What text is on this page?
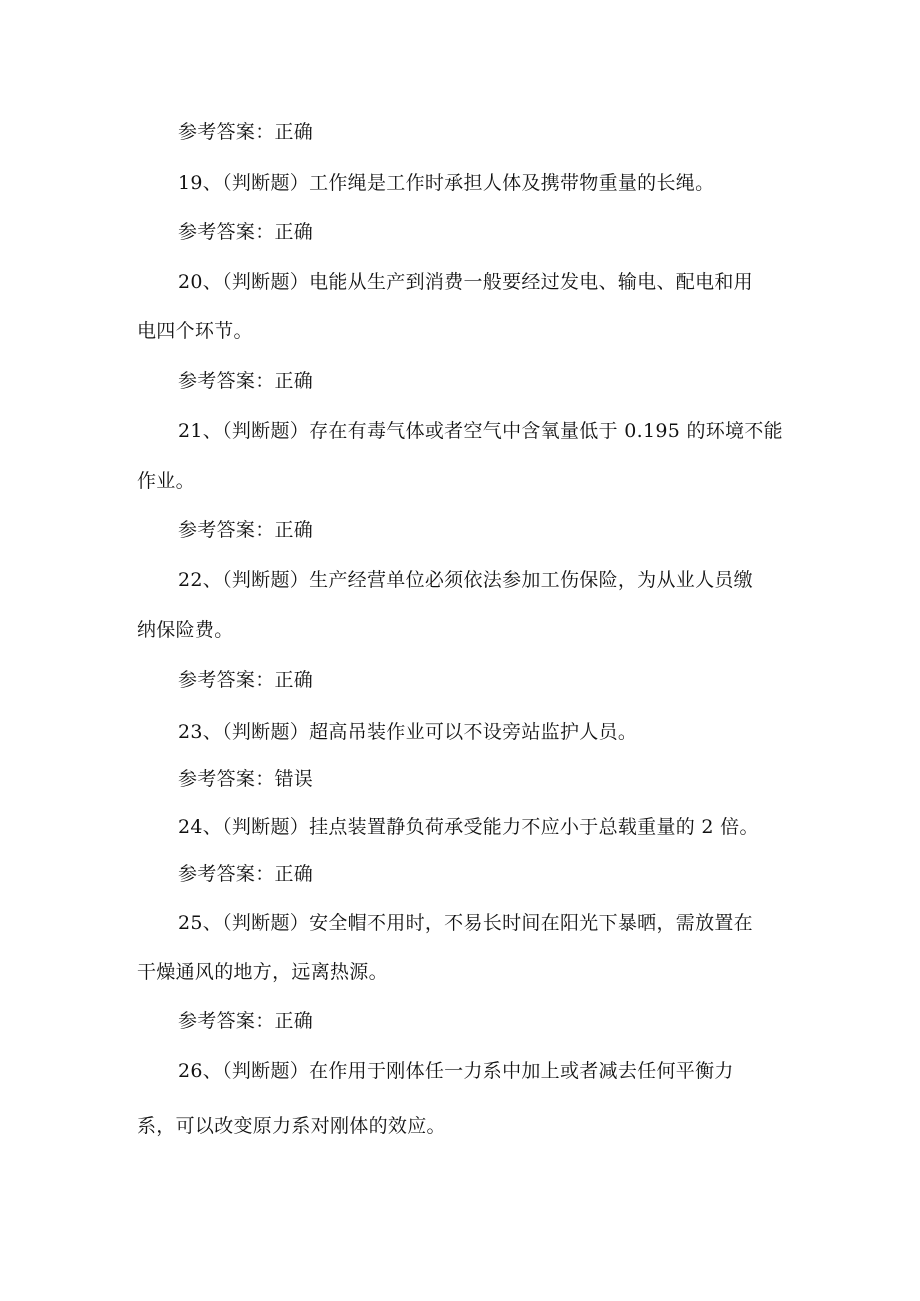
参考答案：正确
19、（判断题）工作绳是工作时承担人体及携带物重量的长绳。
参考答案：正确
20、（判断题）电能从生产到消费一般要经过发电、输电、配电和用
电四个环节。
参考答案：正确
21、（判断题）存在有毒气体或者空气中含氧量低于 0.195 的环境不能
作业。
参考答案：正确
22、（判断题）生产经营单位必须依法参加工伤保险，为从业人员缴
纳保险费。
参考答案：正确
23、（判断题）超高吊装作业可以不设旁站监护人员。
参考答案：错误
24、（判断题）挂点装置静负荷承受能力不应小于总载重量的 2 倍。
参考答案：正确
25、（判断题）安全帽不用时，不易长时间在阳光下暴晒，需放置在
干燥通风的地方，远离热源。
参考答案：正确
26、（判断题）在作用于刚体任一力系中加上或者减去任何平衡力
系，可以改变原力系对刚体的效应。
